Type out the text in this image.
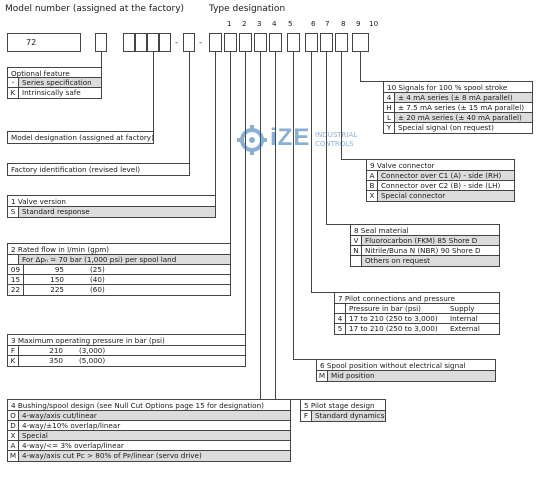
Model number (assigned at the factory)	Type designation
1 2 3 4 5	6 7 8 9 10
72	-	-
Optional feature
-	Series specification
K Intrinsically safe
Model designation (assigned at factory)
Factory identification (revised level)
1 Valve version
S Standard response
2 Rated flow in l/min (gpm)
For Δpₙ = 70 bar (1,000 psi) per spool land
09	95	(25)
15	150	(40)
22	225	(60)
3 Maximum operating pressure in bar (psi)
F	210	(3,000)
K	350	(5,000)
4 Bushing/spool design (see Null Cut Options page 15 for designation)
O 4-way/axis cut/linear
D 4-way/±10% overlap/linear
X Special
A 4-way/<= 3% overlap/linear
M 4-way/axis cut Pᴄ > 80% of Pᴘ/linear (servo drive)
5 Pilot stage design
F Standard dynamics
6 Spool position without electrical signal
M Mid position
7 Pilot connections and pressure
Pressure in bar (psi)	Supply
4 17 to 210 (250 to 3,000)	Internal
5 17 to 210 (250 to 3,000)	External
8 Seal material
V Fluorocarbon (FKM) 85 Shore D
N Nitrile/Buna N (NBR) 90 Shore D
Others on request
9 Valve connector
A Connector over C1 (A) - side (RH)
B Connector over C2 (B) - side (LH)
X Special connector
10 Signals for 100 % spool stroke
4 ± 4 mA series (± 8 mA parallel)
H ± 7.5 mA series (± 15 mA parallel)
L ± 20 mA series (± 40 mA parallel)
Y Special signal (on request)
iZE INDUSTRIAL
CONTROLS
